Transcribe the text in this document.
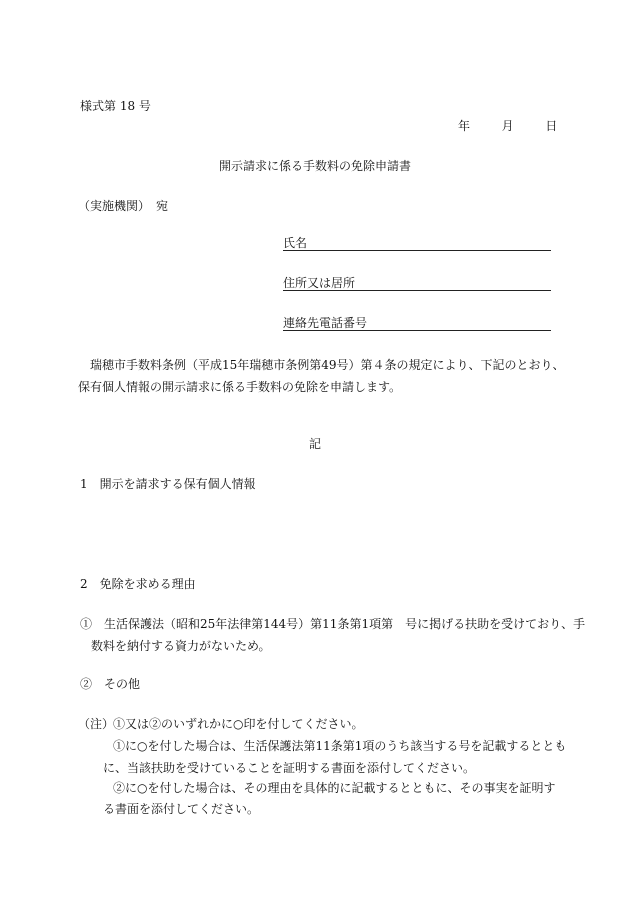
様式第 18 号
年	月	日
開示請求に係る手数料の免除申請書
（実施機関）　宛
氏名
住所又は居所
連絡先電話番号
　瑞穂市手数料条例（平成15年瑞穂市条例第49号）第４条の規定により、下記のとおり、
保有個人情報の開示請求に係る手数料の免除を申請します。
記
1　開示を請求する保有個人情報
2　免除を求める理由
①　生活保護法（昭和25年法律第144号）第11条第1項第　号に掲げる扶助を受けており、手
数料を納付する資力がないため。
②　その他
（注）
①又は②のいずれかに○印を付してください。
①に○を付した場合は、生活保護法第11条第1項のうち該当する号を記載するととも
に、当該扶助を受けていることを証明する書面を添付してください。
②に○を付した場合は、その理由を具体的に記載するとともに、その事実を証明す
る書面を添付してください。
